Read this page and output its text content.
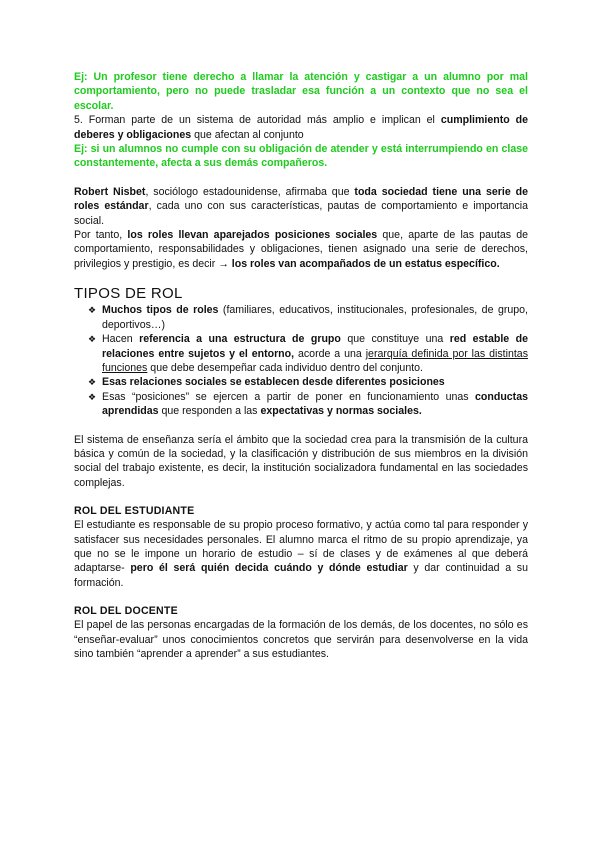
Ej: Un profesor tiene derecho a llamar la atención y castigar a un alumno por mal comportamiento, pero no puede trasladar esa función a un contexto que no sea el escolar.

5. Forman parte de un sistema de autoridad más amplio e implican el cumplimiento de deberes y obligaciones que afectan al conjunto

Ej: si un alumnos no cumple con su obligación de atender y está interrumpiendo en clase constantemente, afecta a sus demás compañeros.

Robert Nisbet, sociólogo estadounidense, afirmaba que toda sociedad tiene una serie de roles estándar, cada uno con sus características, pautas de comportamiento e importancia social.

Por tanto, los roles llevan aparejados posiciones sociales que, aparte de las pautas de comportamiento, responsabilidades y obligaciones, tienen asignado una serie de derechos, privilegios y prestigio, es decir → los roles van acompañados de un estatus específico.

TIPOS DE ROL
❖ Muchos tipos de roles (familiares, educativos, institucionales, profesionales, de grupo, deportivos…)
❖ Hacen referencia a una estructura de grupo que constituye una red estable de relaciones entre sujetos y el entorno, acorde a una jerarquía definida por las distintas funciones que debe desempeñar cada individuo dentro del conjunto.
❖ Esas relaciones sociales se establecen desde diferentes posiciones
❖ Esas “posiciones” se ejercen a partir de poner en funcionamiento unas conductas aprendidas que responden a las expectativas y normas sociales.

El sistema de enseñanza sería el ámbito que la sociedad crea para la transmisión de la cultura básica y común de la sociedad, y la clasificación y distribución de sus miembros en la división social del trabajo existente, es decir, la institución socializadora fundamental en las sociedades complejas.

ROL DEL ESTUDIANTE

El estudiante es responsable de su propio proceso formativo, y actúa como tal para responder y satisfacer sus necesidades personales. El alumno marca el ritmo de su propio aprendizaje, ya que no se le impone un horario de estudio – sí de clases y de exámenes al que deberá adaptarse- pero él será quién decida cuándo y dónde estudiar y dar continuidad a su formación.

ROL DEL DOCENTE

El papel de las personas encargadas de la formación de los demás, de los docentes, no sólo es “enseñar-evaluar” unos conocimientos concretos que servirán para desenvolverse en la vida sino también “aprender a aprender” a sus estudiantes.
